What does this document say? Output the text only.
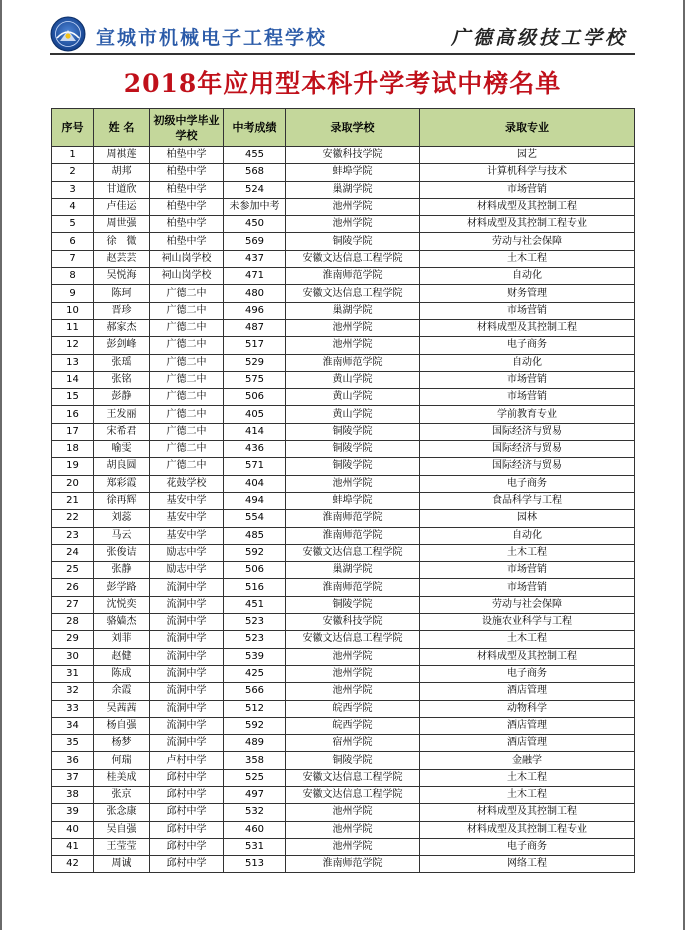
宣城市机械电子工程学校	广德高级技工学校
2018年应用型本科升学考试中榜名单
序号	姓 名	初级中学毕业学校	中考成绩	录取学校	录取专业
1	周褀莲	柏垫中学	455	安徽科技学院	园艺
2	胡邦	柏垫中学	568	蚌埠学院	计算机科学与技术
3	甘道欣	柏垫中学	524	巢湖学院	市场营销
4	卢佳运	柏垫中学	未参加中考	池州学院	材料成型及其控制工程
5	周世强	柏垫中学	450	池州学院	材料成型及其控制工程专业
6	徐　微	柏垫中学	569	铜陵学院	劳动与社会保障
7	赵芸芸	祠山岗学校	437	安徽文达信息工程学院	土木工程
8	吴悦海	祠山岗学校	471	淮南师范学院	自动化
9	陈珂	广德二中	480	安徽文达信息工程学院	财务管理
10	晋珍	广德二中	496	巢湖学院	市场营销
11	郝家杰	广德二中	487	池州学院	材料成型及其控制工程
12	彭剑峰	广德二中	517	池州学院	电子商务
13	张瑶	广德二中	529	淮南师范学院	自动化
14	张铭	广德二中	575	黄山学院	市场营销
15	彭静	广德二中	506	黄山学院	市场营销
16	王发丽	广德二中	405	黄山学院	学前教育专业
17	宋希君	广德二中	414	铜陵学院	国际经济与贸易
18	喻雯	广德二中	436	铜陵学院	国际经济与贸易
19	胡良圆	广德二中	571	铜陵学院	国际经济与贸易
20	郑彩霞	花鼓学校	404	池州学院	电子商务
21	徐再辉	基安中学	494	蚌埠学院	食品科学与工程
22	刘蕊	基安中学	554	淮南师范学院	园林
23	马云	基安中学	485	淮南师范学院	自动化
24	张俊诘	励志中学	592	安徽文达信息工程学院	土木工程
25	张静	励志中学	506	巢湖学院	市场营销
26	彭学路	流洞中学	516	淮南师范学院	市场营销
27	沈悦奕	流洞中学	451	铜陵学院	劳动与社会保障
28	骆嫱杰	流洞中学	523	安徽科技学院	设施农业科学与工程
29	刘菲	流洞中学	523	安徽文达信息工程学院	土木工程
30	赵健	流洞中学	539	池州学院	材料成型及其控制工程
31	陈成	流洞中学	425	池州学院	电子商务
32	余霞	流洞中学	566	池州学院	酒店管理
33	吴茜茜	流洞中学	512	皖西学院	动物科学
34	杨自强	流洞中学	592	皖西学院	酒店管理
35	杨梦	流洞中学	489	宿州学院	酒店管理
36	何瑞	卢村中学	358	铜陵学院	金融学
37	桂美成	邱村中学	525	安徽文达信息工程学院	土木工程
38	张京	邱村中学	497	安徽文达信息工程学院	土木工程
39	张念康	邱村中学	532	池州学院	材料成型及其控制工程
40	吴自强	邱村中学	460	池州学院	材料成型及其控制工程专业
41	王莹莹	邱村中学	531	池州学院	电子商务
42	周诚	邱村中学	513	淮南师范学院	网络工程
